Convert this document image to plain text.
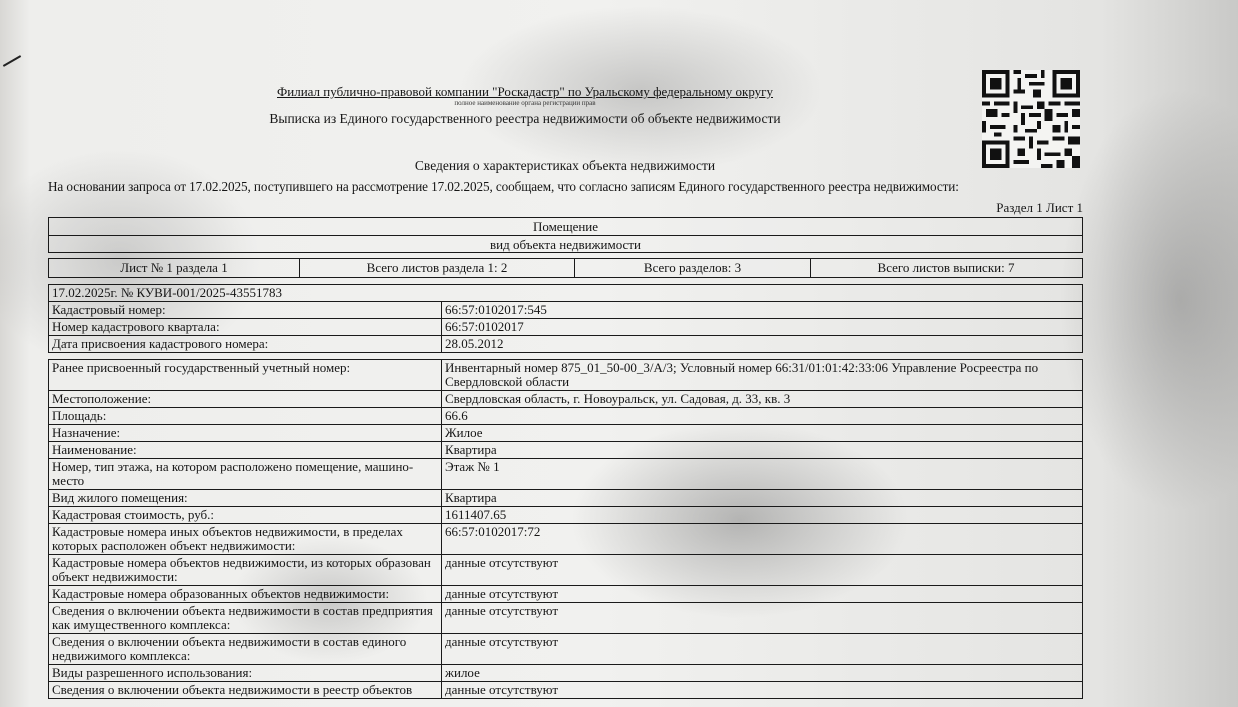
Филиал публично-правовой компании "Роскадастр" по Уральскому федеральному округу
полное наименование органа регистрации прав
Выписка из Единого государственного реестра недвижимости об объекте недвижимости
Сведения о характеристиках объекта недвижимости
На основании запроса от 17.02.2025, поступившего на рассмотрение 17.02.2025, сообщаем, что согласно записям Единого государственного реестра недвижимости:
Раздел 1 Лист 1
Помещение
вид объекта недвижимости
Лист № 1 раздела 1	Всего листов раздела 1: 2	Всего разделов: 3	Всего листов выписки: 7
17.02.2025г. № КУВИ-001/2025-43551783	
Кадастровый номер:	66:57:0102017:545
Номер кадастрового квартала:	66:57:0102017
Дата присвоения кадастрового номера:	28.05.2012
Ранее присвоенный государственный учетный номер:	Инвентарный номер 875_01_50-00_3/А/3; Условный номер 66:31/01:01:42:33:06 Управление Росреестра по Свердловской области
Местоположение:	Свердловская область, г. Новоуральск, ул. Садовая, д. 33, кв. 3
Площадь:	66.6
Назначение:	Жилое
Наименование:	Квартира
Номер, тип этажа, на котором расположено помещение, машино-место	Этаж № 1
Вид жилого помещения:	Квартира
Кадастровая стоимость, руб.:	1611407.65
Кадастровые номера иных объектов недвижимости, в пределах которых расположен объект недвижимости:	66:57:0102017:72
Кадастровые номера объектов недвижимости, из которых образован объект недвижимости:	данные отсутствуют
Кадастровые номера образованных объектов недвижимости:	данные отсутствуют
Сведения о включении объекта недвижимости в состав предприятия как имущественного комплекса:	данные отсутствуют
Сведения о включении объекта недвижимости в состав единого недвижимого комплекса:	данные отсутствуют
Виды разрешенного использования:	жилое
Сведения о включении объекта недвижимости в реестр объектов	данные отсутствуют
